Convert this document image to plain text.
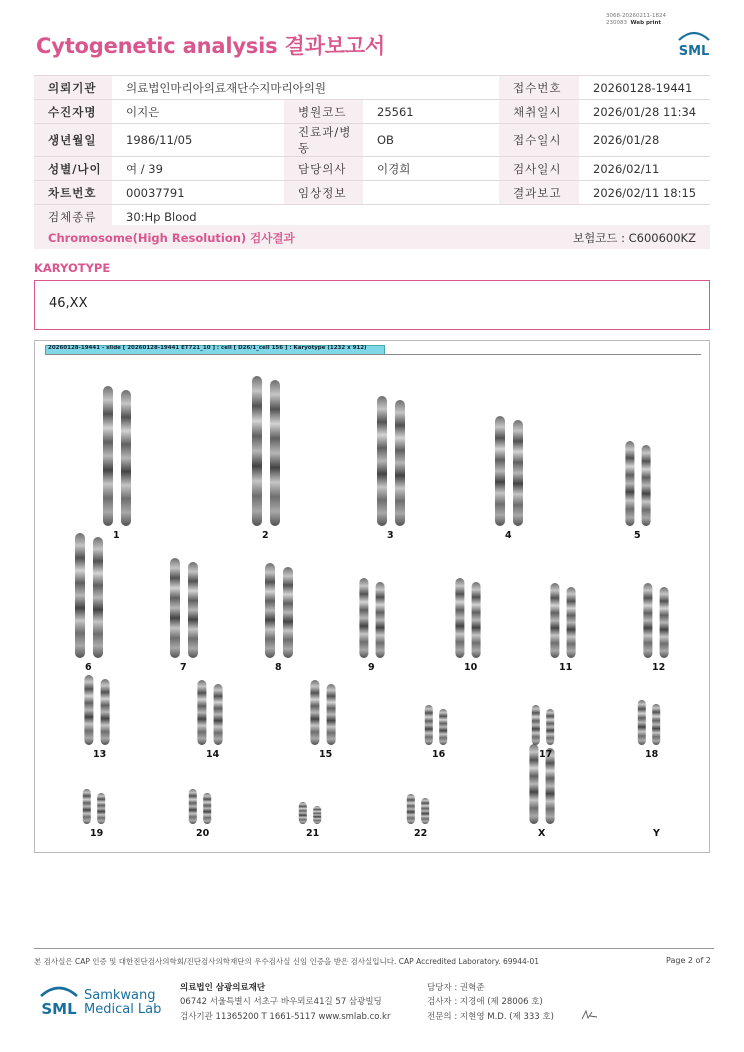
Cytogenetic analysis 결과보고서
3068-20260211-1824
230083 Web print
SML
의뢰기관	의료법인마리아의료재단수지마리아의원			접수번호	20260128-19441
수진자명	이지은	병원코드	25561	채취일시	2026/01/28 11:34
생년월일	1986/11/05	진료과/병동	OB	접수일시	2026/01/28
성별/나이	여 / 39	담당의사	이경희	검사일시	2026/02/11
차트번호	00037791	임상정보		결과보고	2026/02/11 18:15
검체종류	30:Hp Blood				
Chromosome(High Resolution) 검사결과	보험코드 : C600600KZ
KARYOTYPE
46,XX
20260128-19441 - slide [ 20260128-19441 ET721_10 ] : cell [ D26/1_cell 156 ] : Karyotype (1232 x 912)
1	2	3	4	5
6	7	8	9	10	11	12
13	14	15	16	17	18
19	20	21	22	X	Y
본 검사실은 CAP 인증 및 대한진단검사의학회/진단검사의학재단의 우수검사실 신임 인증을 받은 검사실입니다. CAP Accredited Laboratory. 69944-01	Page 2 of 2
SML
Samkwang
Medical Lab
의료법인 삼광의료재단
06742 서울특별시 서초구 바우뫼로41길 57 삼광빌딩
검사기관 11365200 T 1661-5117 www.smlab.co.kr
담당자 : 권혁준
검사자 : 지경애 (제 28006 호)
전문의 : 지현영 M.D. (제 333 호)
